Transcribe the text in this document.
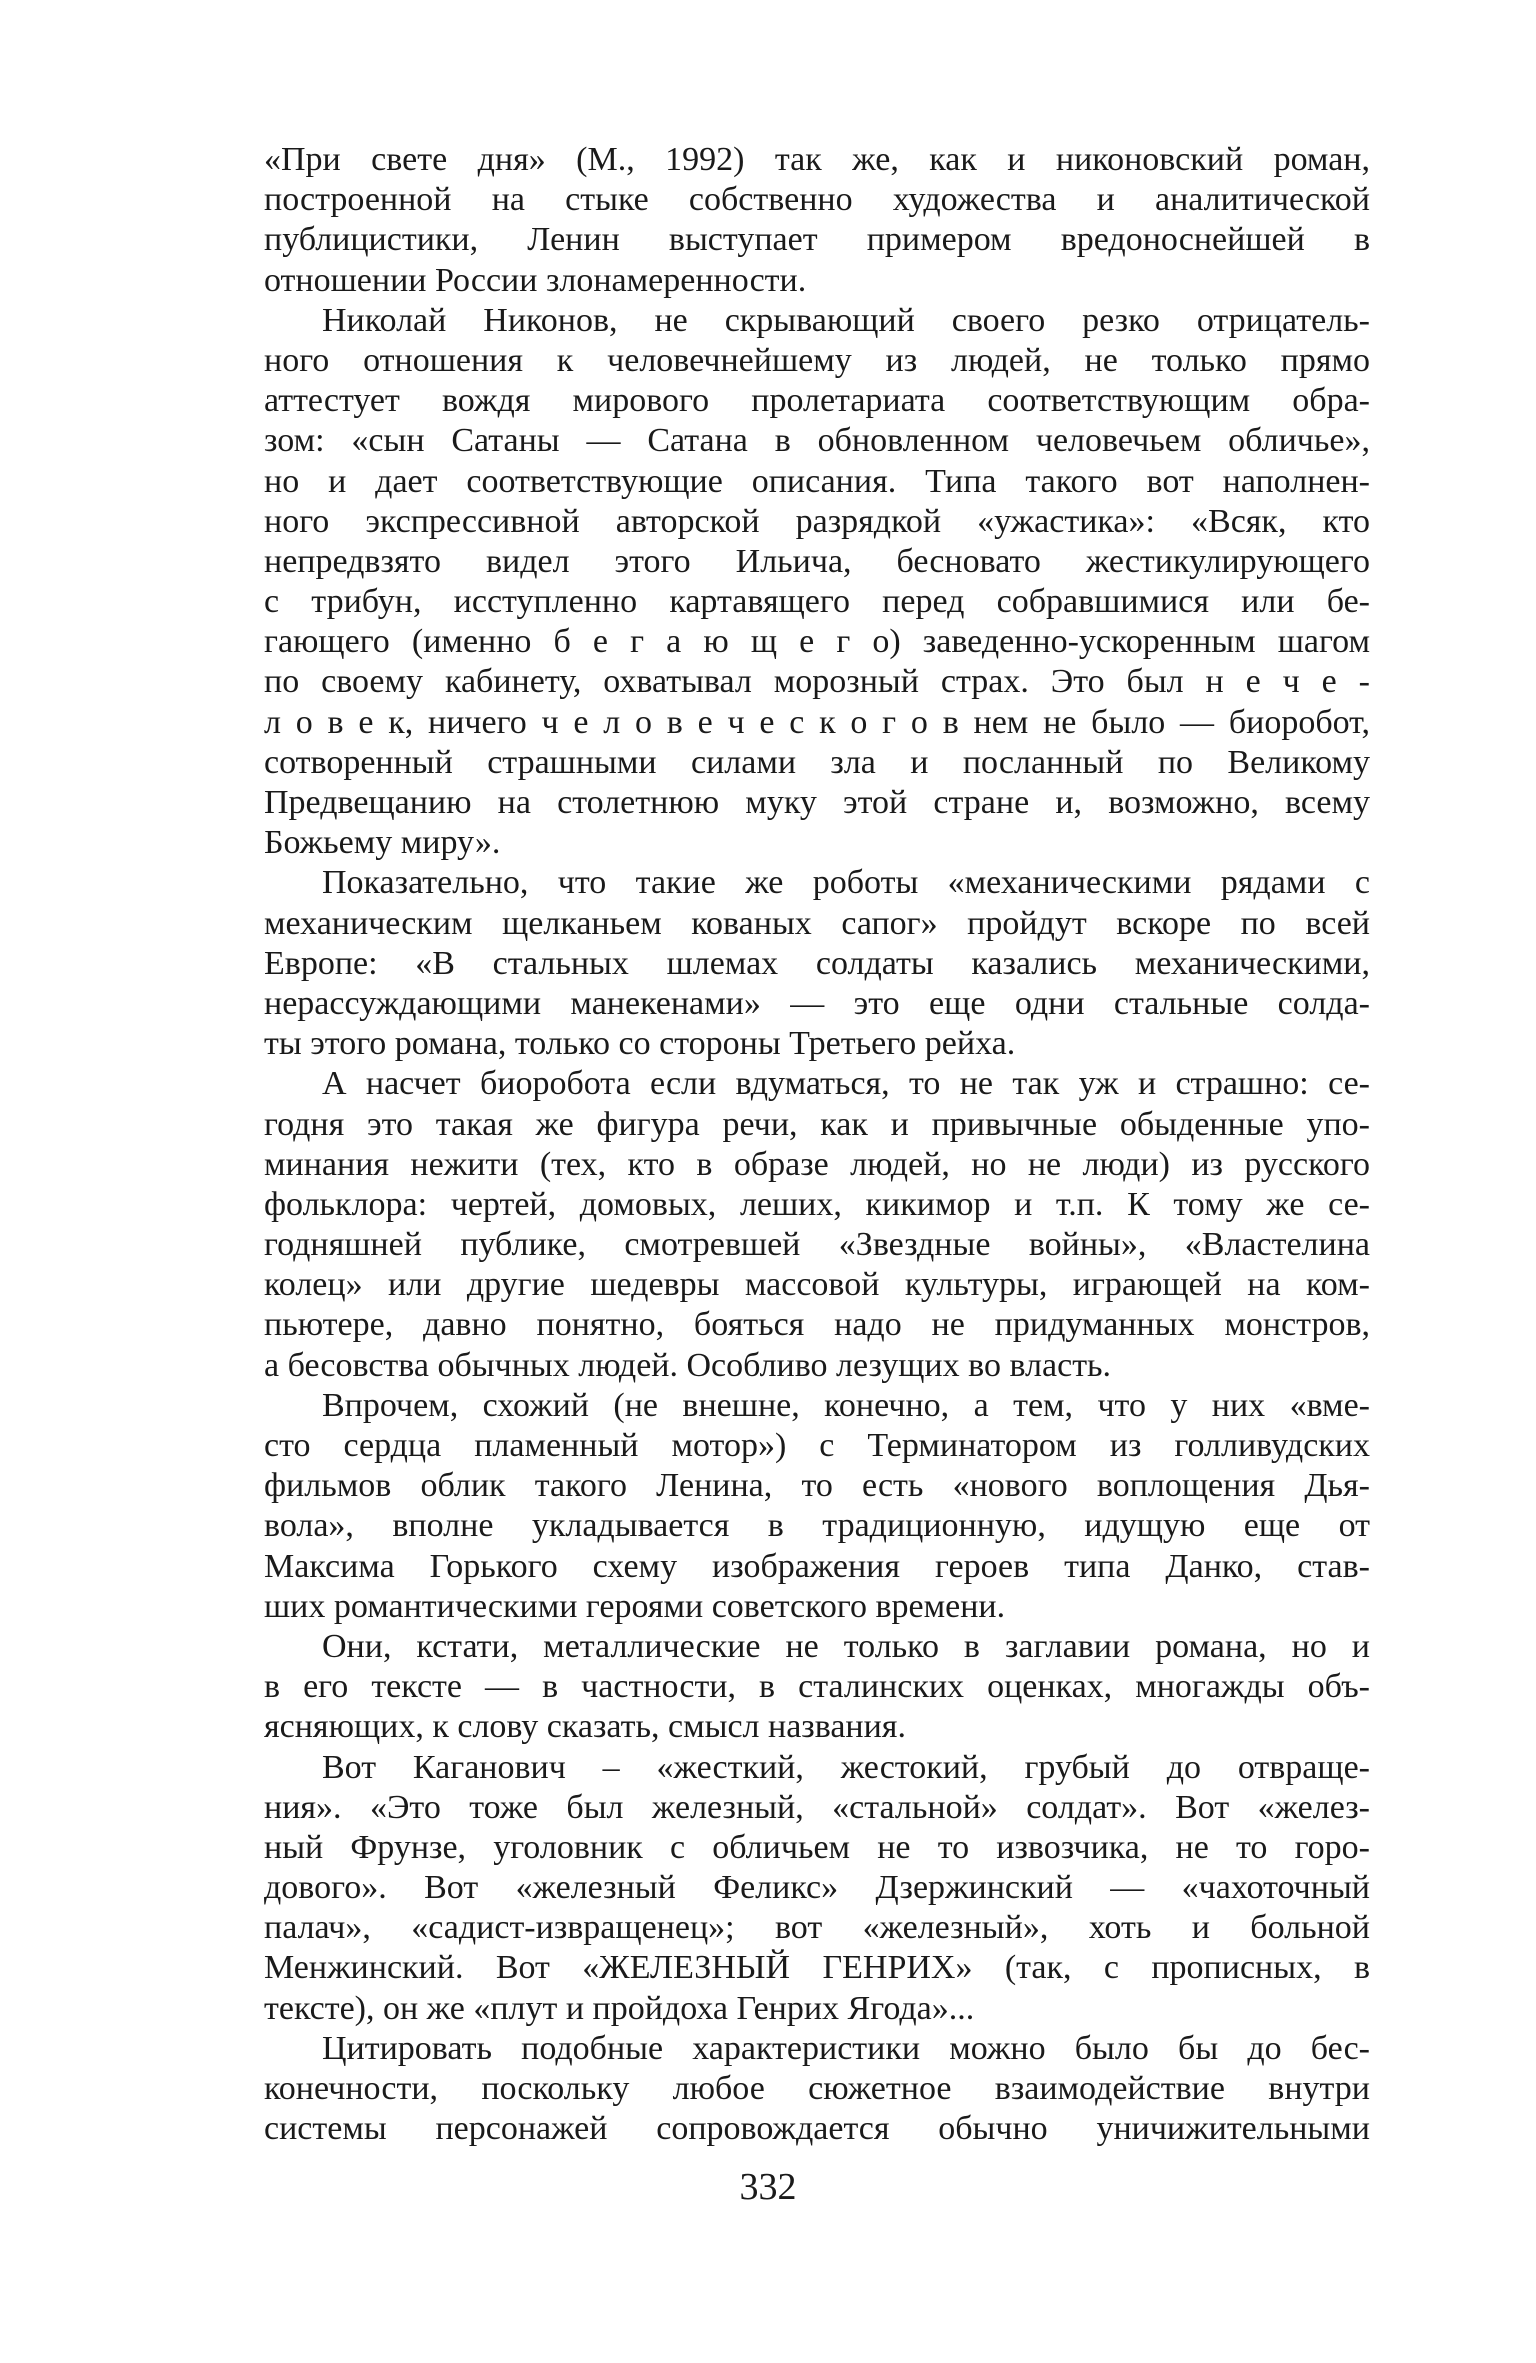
«При свете дня» (М., 1992) так же, как и никоновский роман,
построенной на стыке собственно художества и аналитической
публицистики, Ленин выступает примером вредоноснейшей в
отношении России злонамеренности.
Николай Никонов, не скрывающий своего резко отрицатель-
ного отношения к человечнейшему из людей, не только прямо
аттестует вождя мирового пролетариата соответствующим обра-
зом: «сын Сатаны — Сатана в обновленном человечьем обличье»,
но и дает соответствующие описания. Типа такого вот наполнен-
ного экспрессивной авторской разрядкой «ужастика»: «Всяк, кто
непредвзято видел этого Ильича, бесновато жестикулирующего
с трибун, исступленно картавящего перед собравшимися или бе-
гающего (именно б е г а ю щ е г о) заведенно-ускоренным шагом
по своему кабинету, охватывал морозный страх. Это был н е ч е -
л о в е к, ничего ч е л о в е ч е с к о г о в нем не было — биоробот,
сотворенный страшными силами зла и посланный по Великому
Предвещанию на столетнюю муку этой стране и, возможно, всему
Божьему миру».
Показательно, что такие же роботы «механическими рядами с
механическим щелканьем кованых сапог» пройдут вскоре по всей
Европе: «В стальных шлемах солдаты казались механическими,
нерассуждающими манекенами» — это еще одни стальные солда-
ты этого романа, только со стороны Третьего рейха.
А насчет биоробота если вдуматься, то не так уж и страшно: се-
годня это такая же фигура речи, как и привычные обыденные упо-
минания нежити (тех, кто в образе людей, но не люди) из русского
фольклора: чертей, домовых, леших, кикимор и т.п. К тому же се-
годняшней публике, смотревшей «Звездные войны», «Властелина
колец» или другие шедевры массовой культуры, играющей на ком-
пьютере, давно понятно, бояться надо не придуманных монстров,
а бесовства обычных людей. Особливо лезущих во власть.
Впрочем, схожий (не внешне, конечно, а тем, что у них «вме-
сто сердца пламенный мотор») с Терминатором из голливудских
фильмов облик такого Ленина, то есть «нового воплощения Дья-
вола», вполне укладывается в традиционную, идущую еще от
Максима Горького схему изображения героев типа Данко, став-
ших романтическими героями советского времени.
Они, кстати, металлические не только в заглавии романа, но и
в его тексте — в частности, в сталинских оценках, многажды объ-
ясняющих, к слову сказать, смысл названия.
Вот Каганович – «жесткий, жестокий, грубый до отвраще-
ния». «Это тоже был железный, «стальной» солдат». Вот «желез-
ный Фрунзе, уголовник с обличьем не то извозчика, не то горо-
дового». Вот «железный Феликс» Дзержинский — «чахоточный
палач», «садист-извращенец»; вот «железный», хоть и больной
Менжинский. Вот «ЖЕЛЕЗНЫЙ ГЕНРИХ» (так, с прописных, в
тексте), он же «плут и пройдоха Генрих Ягода»...
Цитировать подобные характеристики можно было бы до бес-
конечности, поскольку любое сюжетное взаимодействие внутри
системы персонажей сопровождается обычно уничижительными
332
